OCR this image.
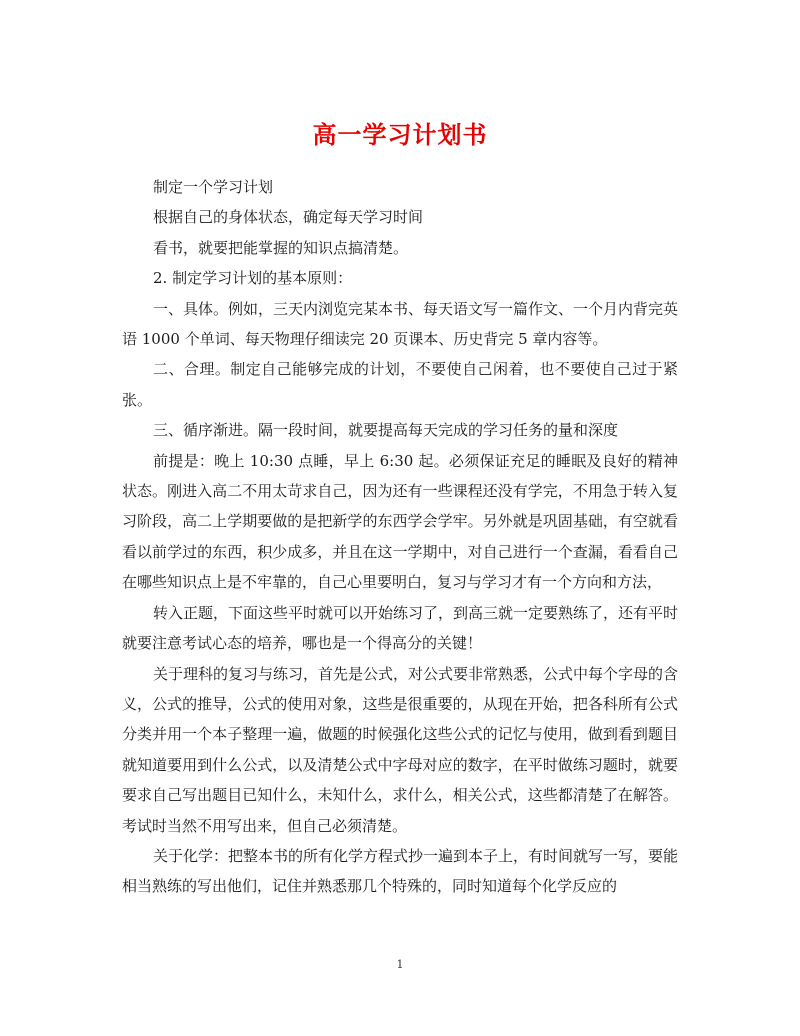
高一学习计划书

制定一个学习计划

根据自己的身体状态，确定每天学习时间

看书，就要把能掌握的知识点搞清楚。

2. 制定学习计划的基本原则：

一、具体。例如，三天内浏览完某本书、每天语文写一篇作文、一个月内背完英语 1000 个单词、每天物理仔细读完 20 页课本、历史背完 5 章内容等。

二、合理。制定自己能够完成的计划，不要使自己闲着，也不要使自己过于紧张。

三、循序渐进。隔一段时间，就要提高每天完成的学习任务的量和深度

前提是：晚上 10:30 点睡，早上 6:30 起。必须保证充足的睡眠及良好的精神状态。刚进入高二不用太苛求自己，因为还有一些课程还没有学完，不用急于转入复习阶段，高二上学期要做的是把新学的东西学会学牢。另外就是巩固基础，有空就看看以前学过的东西，积少成多，并且在这一学期中，对自己进行一个查漏，看看自己在哪些知识点上是不牢靠的，自己心里要明白，复习与学习才有一个方向和方法，

转入正题，下面这些平时就可以开始练习了，到高三就一定要熟练了，还有平时就要注意考试心态的培养，哪也是一个得高分的关键！

关于理科的复习与练习，首先是公式，对公式要非常熟悉，公式中每个字母的含义，公式的推导，公式的使用对象，这些是很重要的，从现在开始，把各科所有公式分类并用一个本子整理一遍，做题的时候强化这些公式的记忆与使用，做到看到题目就知道要用到什么公式，以及清楚公式中字母对应的数字，在平时做练习题时，就要要求自己写出题目已知什么，未知什么，求什么，相关公式，这些都清楚了在解答。考试时当然不用写出来，但自己必须清楚。

关于化学：把整本书的所有化学方程式抄一遍到本子上，有时间就写一写，要能相当熟练的写出他们，记住并熟悉那几个特殊的，同时知道每个化学反应的

1
